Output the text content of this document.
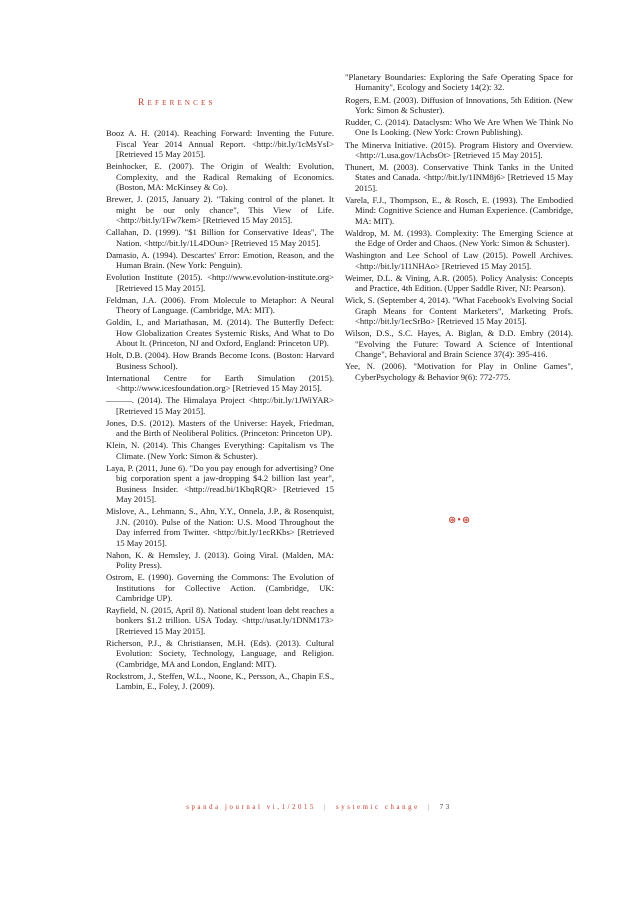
References
Booz A. H. (2014). Reaching Forward: Inventing the Future. Fiscal Year 2014 Annual Report. <http://bit.ly/1cMsYsI> [Retrieved 15 May 2015].
Beinhocker, E. (2007). The Origin of Wealth: Evolution, Complexity, and the Radical Remaking of Economics. (Boston, MA: McKinsey & Co).
Brewer, J. (2015, January 2). "Taking control of the planet. It might be our only chance", This View of Life. <http://bit.ly/1Fw7kem> [Retrieved 15 May 2015].
Callahan, D. (1999). "$1 Billion for Conservative Ideas", The Nation. <http://bit.ly/1L4DOun> [Retrieved 15 May 2015].
Damasio, A. (1994). Descartes' Error: Emotion, Reason, and the Human Brain. (New York: Penguin).
Evolution Institute (2015). <http://www.evolution-institute.org> [Retrieved 15 May 2015].
Feldman, J.A. (2006). From Molecule to Metaphor: A Neural Theory of Language. (Cambridge, MA: MIT).
Goldin, I., and Mariathasan, M. (2014). The Butterfly Defect: How Globalization Creates Systemic Risks, And What to Do About It. (Princeton, NJ and Oxford, England: Princeton UP).
Holt, D.B. (2004). How Brands Become Icons. (Boston: Harvard Business School).
International Centre for Earth Simulation (2015). <http://www.icesfoundation.org> [Retrieved 15 May 2015].
———. (2014). The Himalaya Project <http://bit.ly/1JWiYAR> [Retrieved 15 May 2015].
Jones, D.S. (2012). Masters of the Universe: Hayek, Friedman, and the Birth of Neoliberal Politics. (Princeton: Princeton UP).
Klein, N. (2014). This Changes Everything: Capitalism vs The Climate. (New York: Simon & Schuster).
Laya, P. (2011, June 6). "Do you pay enough for advertising? One big corporation spent a jaw-dropping $4.2 billion last year", Business Insider. <http://read.bi/1KbqRQR> [Retrieved 15 May 2015].
Mislove, A., Lehmann, S., Ahn, Y.Y., Onnela, J.P., & Rosenquist, J.N. (2010). Pulse of the Nation: U.S. Mood Throughout the Day inferred from Twitter. <http://bit.ly/1ecRKbs> [Retrieved 15 May 2015].
Nahon, K. & Hemsley, J. (2013). Going Viral. (Malden, MA: Polity Press).
Ostrom, E. (1990). Governing the Commons: The Evolution of Institutions for Collective Action. (Cambridge, UK: Cambridge UP).
Rayfield, N. (2015, April 8). National student loan debt reaches a bonkers $1.2 trillion. USA Today. <http://usat.ly/1DNM173> [Retrieved 15 May 2015].
Richerson, P.J., & Christiansen, M.H. (Eds). (2013). Cultural Evolution: Society, Technology, Language, and Religion. (Cambridge, MA and London, England: MIT).
Rockstrom, J., Steffen, W.L., Noone, K., Persson, A., Chapin F.S., Lambin, E., Foley, J. (2009).
"Planetary Boundaries: Exploring the Safe Operating Space for Humanity", Ecology and Society 14(2): 32.
Rogers, E.M. (2003). Diffusion of Innovations, 5th Edition. (New York: Simon & Schuster).
Rudder, C. (2014). Dataclysm: Who We Are When We Think No One Is Looking. (New York: Crown Publishing).
The Minerva Initiative. (2015). Program History and Overview. <http://1.usa.gov/1AcbsOt> [Retrieved 15 May 2015].
Thunert, M. (2003). Conservative Think Tanks in the United States and Canada. <http://bit.ly/1INM8j6> [Retrieved 15 May 2015].
Varela, F.J., Thompson, E., & Rosch, E. (1993). The Embodied Mind: Cognitive Science and Human Experience. (Cambridge, MA: MIT).
Waldrop, M. M. (1993). Complexity: The Emerging Science at the Edge of Order and Chaos. (New York: Simon & Schuster).
Washington and Lee School of Law (2015). Powell Archives. <http://bit.ly/1I1NHAo> [Retrieved 15 May 2015].
Weimer, D.L. & Vining, A.R. (2005). Policy Analysis: Concepts and Practice, 4th Edition. (Upper Saddle River, NJ: Pearson).
Wick, S. (September 4, 2014). "What Facebook's Evolving Social Graph Means for Content Marketers", Marketing Profs. <http://bit.ly/1ecSrBo> [Retrieved 15 May 2015].
Wilson, D.S., S.C. Hayes, A. Biglan, & D.D. Embry (2014). "Evolving the Future: Toward A Science of Intentional Change", Behavioral and Brain Science 37(4): 395-416.
Yee, N. (2006). "Motivation for Play in Online Games", CyberPsychology & Behavior 9(6): 772-775.
⊛•⊛
spanda journal vi,1/2015 | systemic change | 73
